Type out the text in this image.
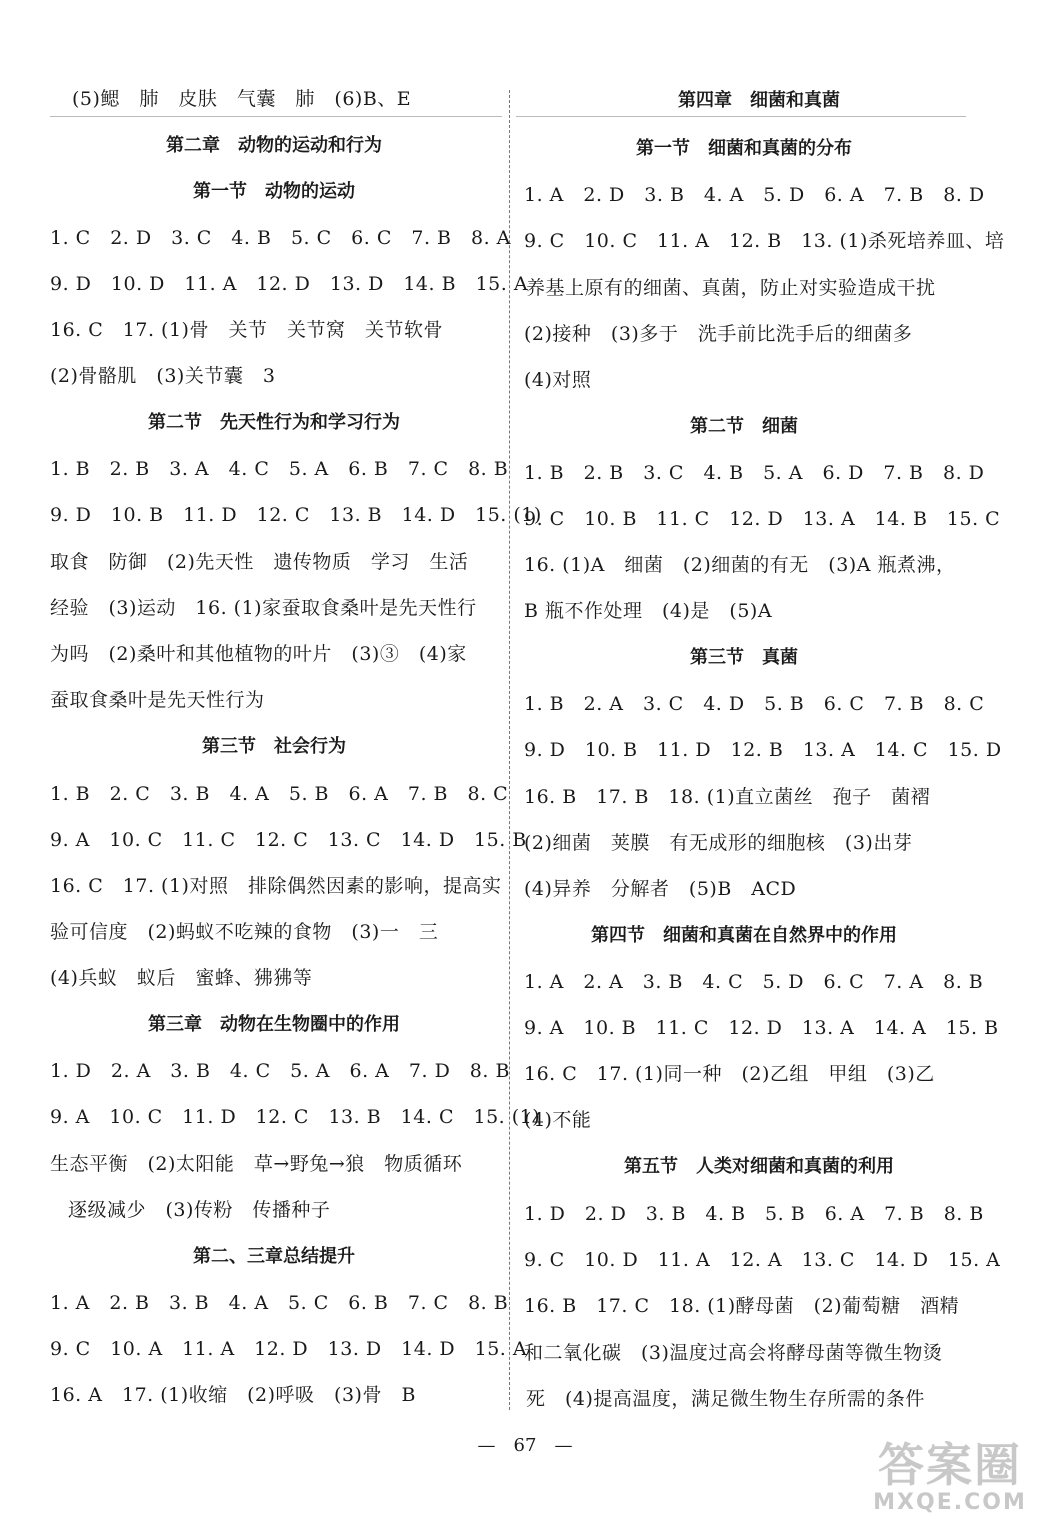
(5)鳃　肺　皮肤　气囊　肺　(6)B、E
第二章　动物的运动和行为
第一节　动物的运动
1. C　2. D　3. C　4. B　5. C　6. C　7. B　8. A
9. D　10. D　11. A　12. D　13. D　14. B　15. A
16. C　17. (1)骨　关节　关节窝　关节软骨
(2)骨骼肌　(3)关节囊　3
第二节　先天性行为和学习行为
1. B　2. B　3. A　4. C　5. A　6. B　7. C　8. B
9. D　10. B　11. D　12. C　13. B　14. D　15. (1)
取食　防御　(2)先天性　遗传物质　学习　生活
经验　(3)运动　16. (1)家蚕取食桑叶是先天性行
为吗　(2)桑叶和其他植物的叶片　(3)③　(4)家
蚕取食桑叶是先天性行为
第三节　社会行为
1. B　2. C　3. B　4. A　5. B　6. A　7. B　8. C
9. A　10. C　11. C　12. C　13. C　14. D　15. B
16. C　17. (1)对照　排除偶然因素的影响，提高实
验可信度　(2)蚂蚁不吃辣的食物　(3)一　三
(4)兵蚁　蚁后　蜜蜂、狒狒等
第三章　动物在生物圈中的作用
1. D　2. A　3. B　4. C　5. A　6. A　7. D　8. B
9. A　10. C　11. D　12. C　13. B　14. C　15. (1)
生态平衡　(2)太阳能　草→野兔→狼　物质循环
逐级减少　(3)传粉　传播种子
第二、三章总结提升
1. A　2. B　3. B　4. A　5. C　6. B　7. C　8. B
9. C　10. A　11. A　12. D　13. D　14. D　15. A
16. A　17. (1)收缩　(2)呼吸　(3)骨　B
第四章　细菌和真菌
第一节　细菌和真菌的分布
1. A　2. D　3. B　4. A　5. D　6. A　7. B　8. D
9. C　10. C　11. A　12. B　13. (1)杀死培养皿、培
养基上原有的细菌、真菌，防止对实验造成干扰
(2)接种　(3)多于　洗手前比洗手后的细菌多
(4)对照
第二节　细菌
1. B　2. B　3. C　4. B　5. A　6. D　7. B　8. D
9. C　10. B　11. C　12. D　13. A　14. B　15. C
16. (1)A　细菌　(2)细菌的有无　(3)A 瓶煮沸，
B 瓶不作处理　(4)是　(5)A
第三节　真菌
1. B　2. A　3. C　4. D　5. B　6. C　7. B　8. C
9. D　10. B　11. D　12. B　13. A　14. C　15. D
16. B　17. B　18. (1)直立菌丝　孢子　菌褶
(2)细菌　荚膜　有无成形的细胞核　(3)出芽
(4)异养　分解者　(5)B　ACD
第四节　细菌和真菌在自然界中的作用
1. A　2. A　3. B　4. C　5. D　6. C　7. A　8. B
9. A　10. B　11. C　12. D　13. A　14. A　15. B
16. C　17. (1)同一种　(2)乙组　甲组　(3)乙
(4)不能
第五节　人类对细菌和真菌的利用
1. D　2. D　3. B　4. B　5. B　6. A　7. B　8. B
9. C　10. D　11. A　12. A　13. C　14. D　15. A
16. B　17. C　18. (1)酵母菌　(2)葡萄糖　酒精
和二氧化碳　(3)温度过高会将酵母菌等微生物烫
死　(4)提高温度，满足微生物生存所需的条件
—　67　—	答案圈
MXQE.COM
